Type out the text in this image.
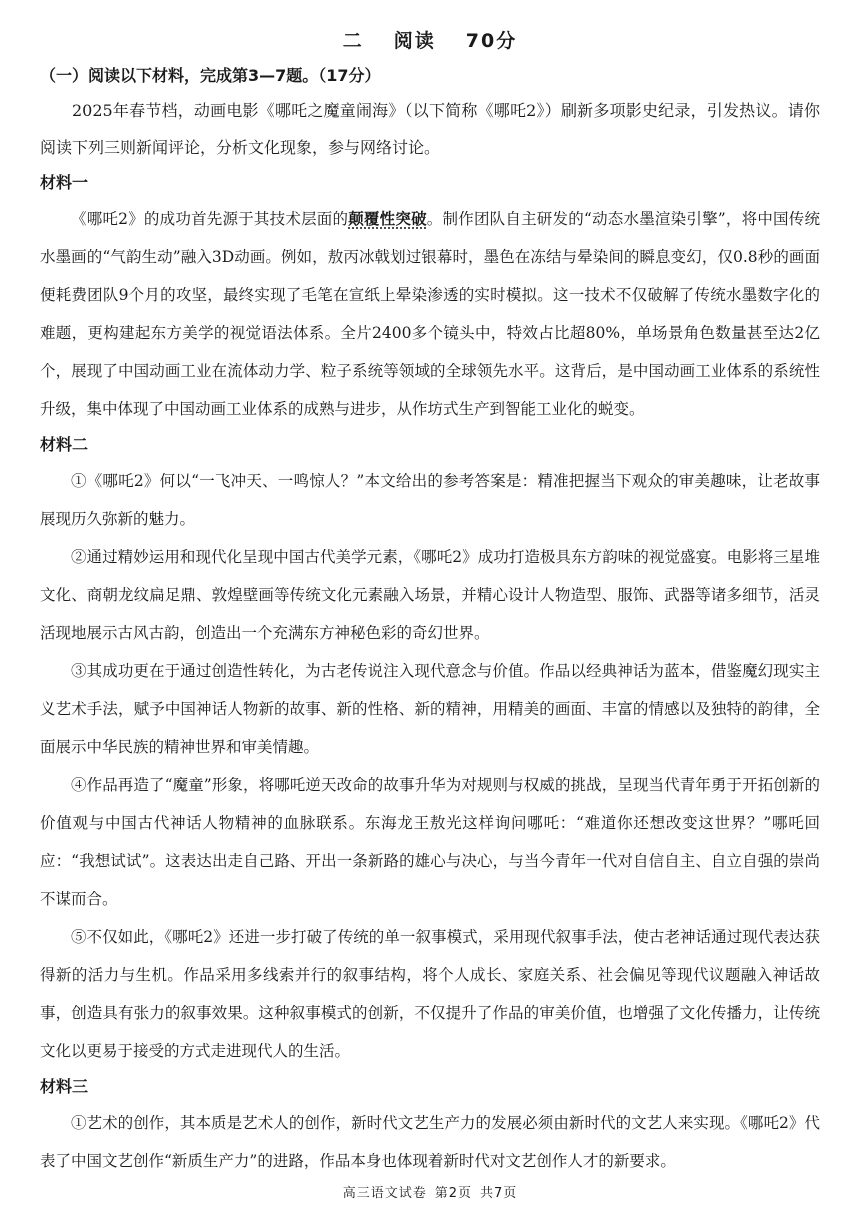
二 阅读 70分
（一）阅读以下材料，完成第3—7题。（17分）

2025年春节档，动画电影《哪吒之魔童闹海》（以下简称《哪吒2》）刷新多项影史纪录，引发热议。请你阅读下列三则新闻评论，分析文化现象，参与网络讨论。

材料一

《哪吒2》的成功首先源于其技术层面的颠覆性突破。制作团队自主研发的“动态水墨渲染引擎”，将中国传统水墨画的“气韵生动”融入3D动画。例如，敖丙冰戟划过银幕时，墨色在冻结与晕染间的瞬息变幻，仅0.8秒的画面便耗费团队9个月的攻坚，最终实现了毛笔在宣纸上晕染渗透的实时模拟。这一技术不仅破解了传统水墨数字化的难题，更构建起东方美学的视觉语法体系。全片2400多个镜头中，特效占比超80%，单场景角色数量甚至达2亿个，展现了中国动画工业在流体动力学、粒子系统等领域的全球领先水平。这背后，是中国动画工业体系的系统性升级，集中体现了中国动画工业体系的成熟与进步，从作坊式生产到智能工业化的蜕变。

材料二

①《哪吒2》何以“一飞冲天、一鸣惊人？”本文给出的参考答案是：精准把握当下观众的审美趣味，让老故事展现历久弥新的魅力。

②通过精妙运用和现代化呈现中国古代美学元素，《哪吒2》成功打造极具东方韵味的视觉盛宴。电影将三星堆文化、商朝龙纹扁足鼎、敦煌壁画等传统文化元素融入场景，并精心设计人物造型、服饰、武器等诸多细节，活灵活现地展示古风古韵，创造出一个充满东方神秘色彩的奇幻世界。

③其成功更在于通过创造性转化，为古老传说注入现代意念与价值。作品以经典神话为蓝本，借鉴魔幻现实主义艺术手法，赋予中国神话人物新的故事、新的性格、新的精神，用精美的画面、丰富的情感以及独特的韵律，全面展示中华民族的精神世界和审美情趣。

④作品再造了“魔童”形象，将哪吒逆天改命的故事升华为对规则与权威的挑战，呈现当代青年勇于开拓创新的价值观与中国古代神话人物精神的血脉联系。东海龙王敖光这样询问哪吒：“难道你还想改变这世界？”哪吒回应：“我想试试”。这表达出走自己路、开出一条新路的雄心与决心，与当今青年一代对自信自主、自立自强的崇尚不谋而合。

⑤不仅如此，《哪吒2》还进一步打破了传统的单一叙事模式，采用现代叙事手法，使古老神话通过现代表达获得新的活力与生机。作品采用多线索并行的叙事结构，将个人成长、家庭关系、社会偏见等现代议题融入神话故事，创造具有张力的叙事效果。这种叙事模式的创新，不仅提升了作品的审美价值，也增强了文化传播力，让传统文化以更易于接受的方式走进现代人的生活。

材料三

①艺术的创作，其本质是艺术人的创作，新时代文艺生产力的发展必须由新时代的文艺人来实现。《哪吒2》代表了中国文艺创作“新质生产力”的进路，作品本身也体现着新时代对文艺创作人才的新要求。

高三语文试卷 第2页 共7页
